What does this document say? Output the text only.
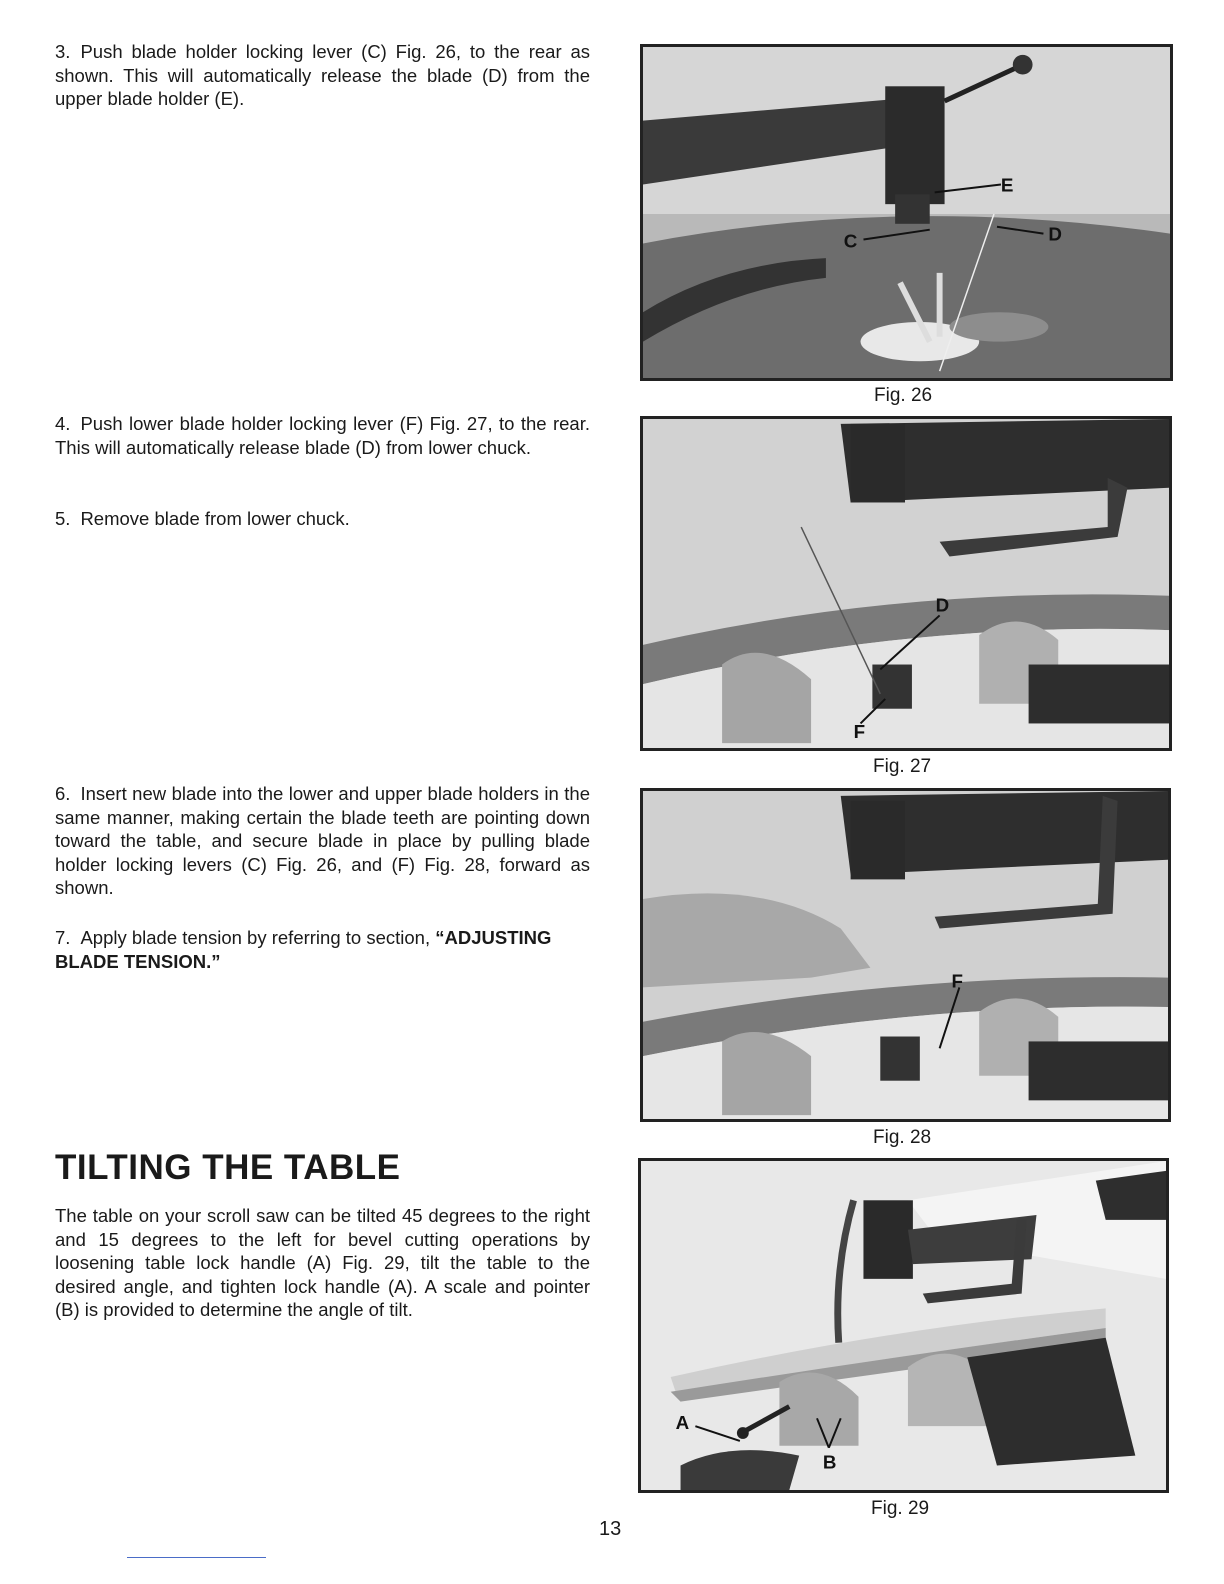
3. Push blade holder locking lever (C) Fig. 26, to the rear as shown. This will automatically release the blade (D) from the upper blade holder (E).

4. Push lower blade holder locking lever (F) Fig. 27, to the rear. This will automatically release blade (D) from lower chuck.

5. Remove blade from lower chuck.

6. Insert new blade into the lower and upper blade holders in the same manner, making certain the blade teeth are pointing down toward the table, and secure blade in place by pulling blade holder locking levers (C) Fig. 26, and (F) Fig. 28, forward as shown.

7. Apply blade tension by referring to section, “ADJUSTING BLADE TENSION.”

TILTING THE TABLE

The table on your scroll saw can be tilted 45 degrees to the right and 15 degrees to the left for bevel cutting operations by loosening table lock handle (A) Fig. 29, tilt the table to the desired angle, and tighten lock handle (A). A scale and pointer (B) is provided to determine the angle of tilt.

E
C	D

Fig. 26

D
F

Fig. 27

F

Fig. 28

A
B

Fig. 29

13
